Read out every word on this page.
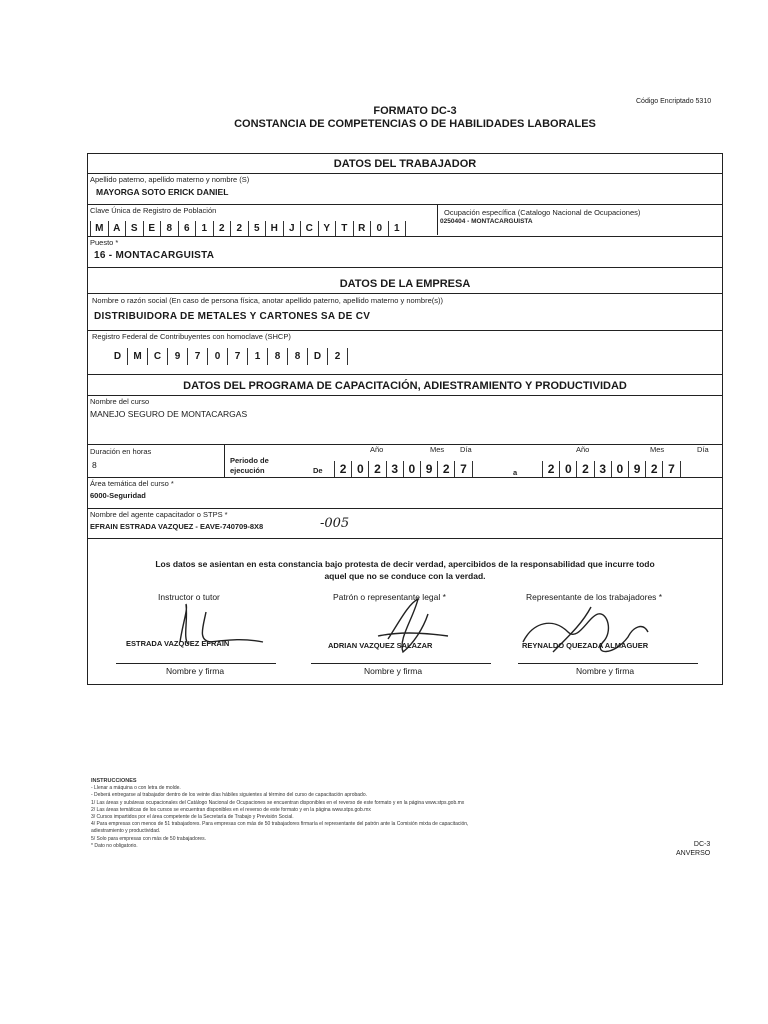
Código Encriptado 5310
FORMATO DC-3
CONSTANCIA DE COMPETENCIAS O DE HABILIDADES LABORALES
DATOS DEL TRABAJADOR
Apellido paterno, apellido materno y nombre (S)
MAYORGA SOTO ERICK DANIEL
Clave Única de Registro de Población
M A	S	E	8	6	1	2	2	5	H	J	C	Y	T	R	0	1
Ocupación específica (Catalogo Nacional de Ocupaciones)
0250404 - MONTACARGUISTA
Puesto *
16 - MONTACARGUISTA
DATOS DE LA EMPRESA
Nombre o razón social (En caso de persona física, anotar apellido paterno, apellido materno y nombre(s))
DISTRIBUIDORA DE METALES Y CARTONES SA DE CV
Registro Federal de Contribuyentes con homoclave (SHCP)
D	M	C	9	7	0	7	1	8	8	D	2
DATOS DEL PROGRAMA DE CAPACITACIÓN, ADIESTRAMIENTO Y PRODUCTIVIDAD
Nombre del curso
MANEJO SEGURO DE MONTACARGAS
Duración en horas
8	Periodo de
ejecución	De
Año	Mes Día
2 0 2 3 0 9 2 7	a
Año	Mes	Día
2 0 2 3 0 9 2 7
Área temática del curso *
6000-Seguridad
Nombre del agente capacitador o STPS *
EFRAIN ESTRADA VAZQUEZ - EAVE-740709-8X8	-005
Los datos se asientan en esta constancia bajo protesta de decir verdad, apercibidos de la responsabilidad que incurre todo
aquel que no se conduce con la verdad.
Instructor o tutor	Patrón o representante legal *	Representante de los trabajadores *
ESTRADA VAZQUEZ EFRAIN	ADRIAN VAZQUEZ SALAZAR	REYNALDO QUEZADA ALMAGUER
Nombre y firma	Nombre y firma	Nombre y firma
INSTRUCCIONES
- Llenar a máquina o con letra de molde.
- Deberá entregarse al trabajador dentro de los veinte días hábiles siguientes al término del curso de capacitación aprobado.
1/ Las áreas y subáreas ocupacionales del Catálogo Nacional de Ocupaciones se encuentran disponibles en el reverso de este formato y en la página www.stps.gob.mx
2/ Las áreas temáticas de los cursos se encuentran disponibles en el reverso de este formato y en la página www.stps.gob.mx
3/ Cursos impartidos por el área competente de la Secretaría de Trabajo y Previsión Social.
4/ Para empresas con menos de 51 trabajadores. Para empresas con más de 50 trabajadores firmaría el representante del patrón ante la Comisión mixta de capacitación,
adiestramiento y productividad.
5/ Solo para empresas con más de 50 trabajadores.
* Dato no obligatorio.	DC-3
ANVERSO
